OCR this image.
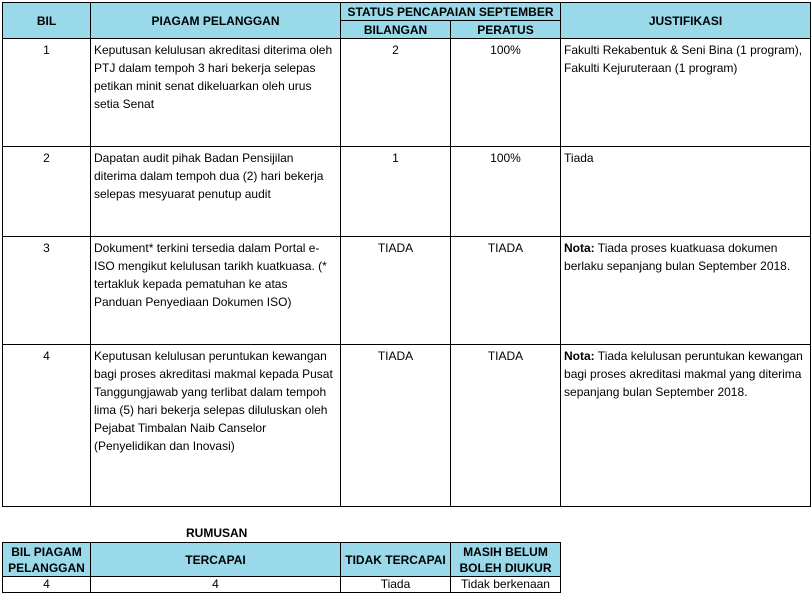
BIL	PIAGAM PELANGGAN	STATUS PENCAPAIAN SEPTEMBER		JUSTIFIKASI
		BILANGAN	PERATUS	
1	Keputusan kelulusan akreditasi diterima oleh PTJ dalam tempoh 3 hari bekerja selepas petikan minit senat dikeluarkan oleh urus setia Senat	2	100%	Fakulti Rekabentuk & Seni Bina (1 program), Fakulti Kejuruteraan (1 program)
2	Dapatan audit pihak Badan Pensijilan diterima dalam tempoh dua (2) hari bekerja selepas mesyuarat penutup audit	1	100%	Tiada
3	Dokument* terkini tersedia dalam Portal e-ISO mengikut kelulusan tarikh kuatkuasa. (* tertakluk kepada pematuhan ke atas Panduan Penyediaan Dokumen ISO)	TIADA	TIADA	Nota: Tiada proses kuatkuasa dokumen berlaku sepanjang bulan September 2018.
4	Keputusan kelulusan peruntukan kewangan bagi proses akreditasi makmal kepada Pusat Tanggungjawab yang terlibat dalam tempoh lima (5) hari bekerja selepas diluluskan oleh Pejabat Timbalan Naib Canselor (Penyelidikan dan Inovasi)	TIADA	TIADA	Nota: Tiada kelulusan peruntukan kewangan bagi proses akreditasi makmal yang diterima sepanjang bulan September 2018.
RUMUSAN
BIL PIAGAM PELANGGAN	TERCAPAI	TIDAK TERCAPAI	MASIH BELUM BOLEH DIUKUR
4	4	Tiada	Tidak berkenaan
